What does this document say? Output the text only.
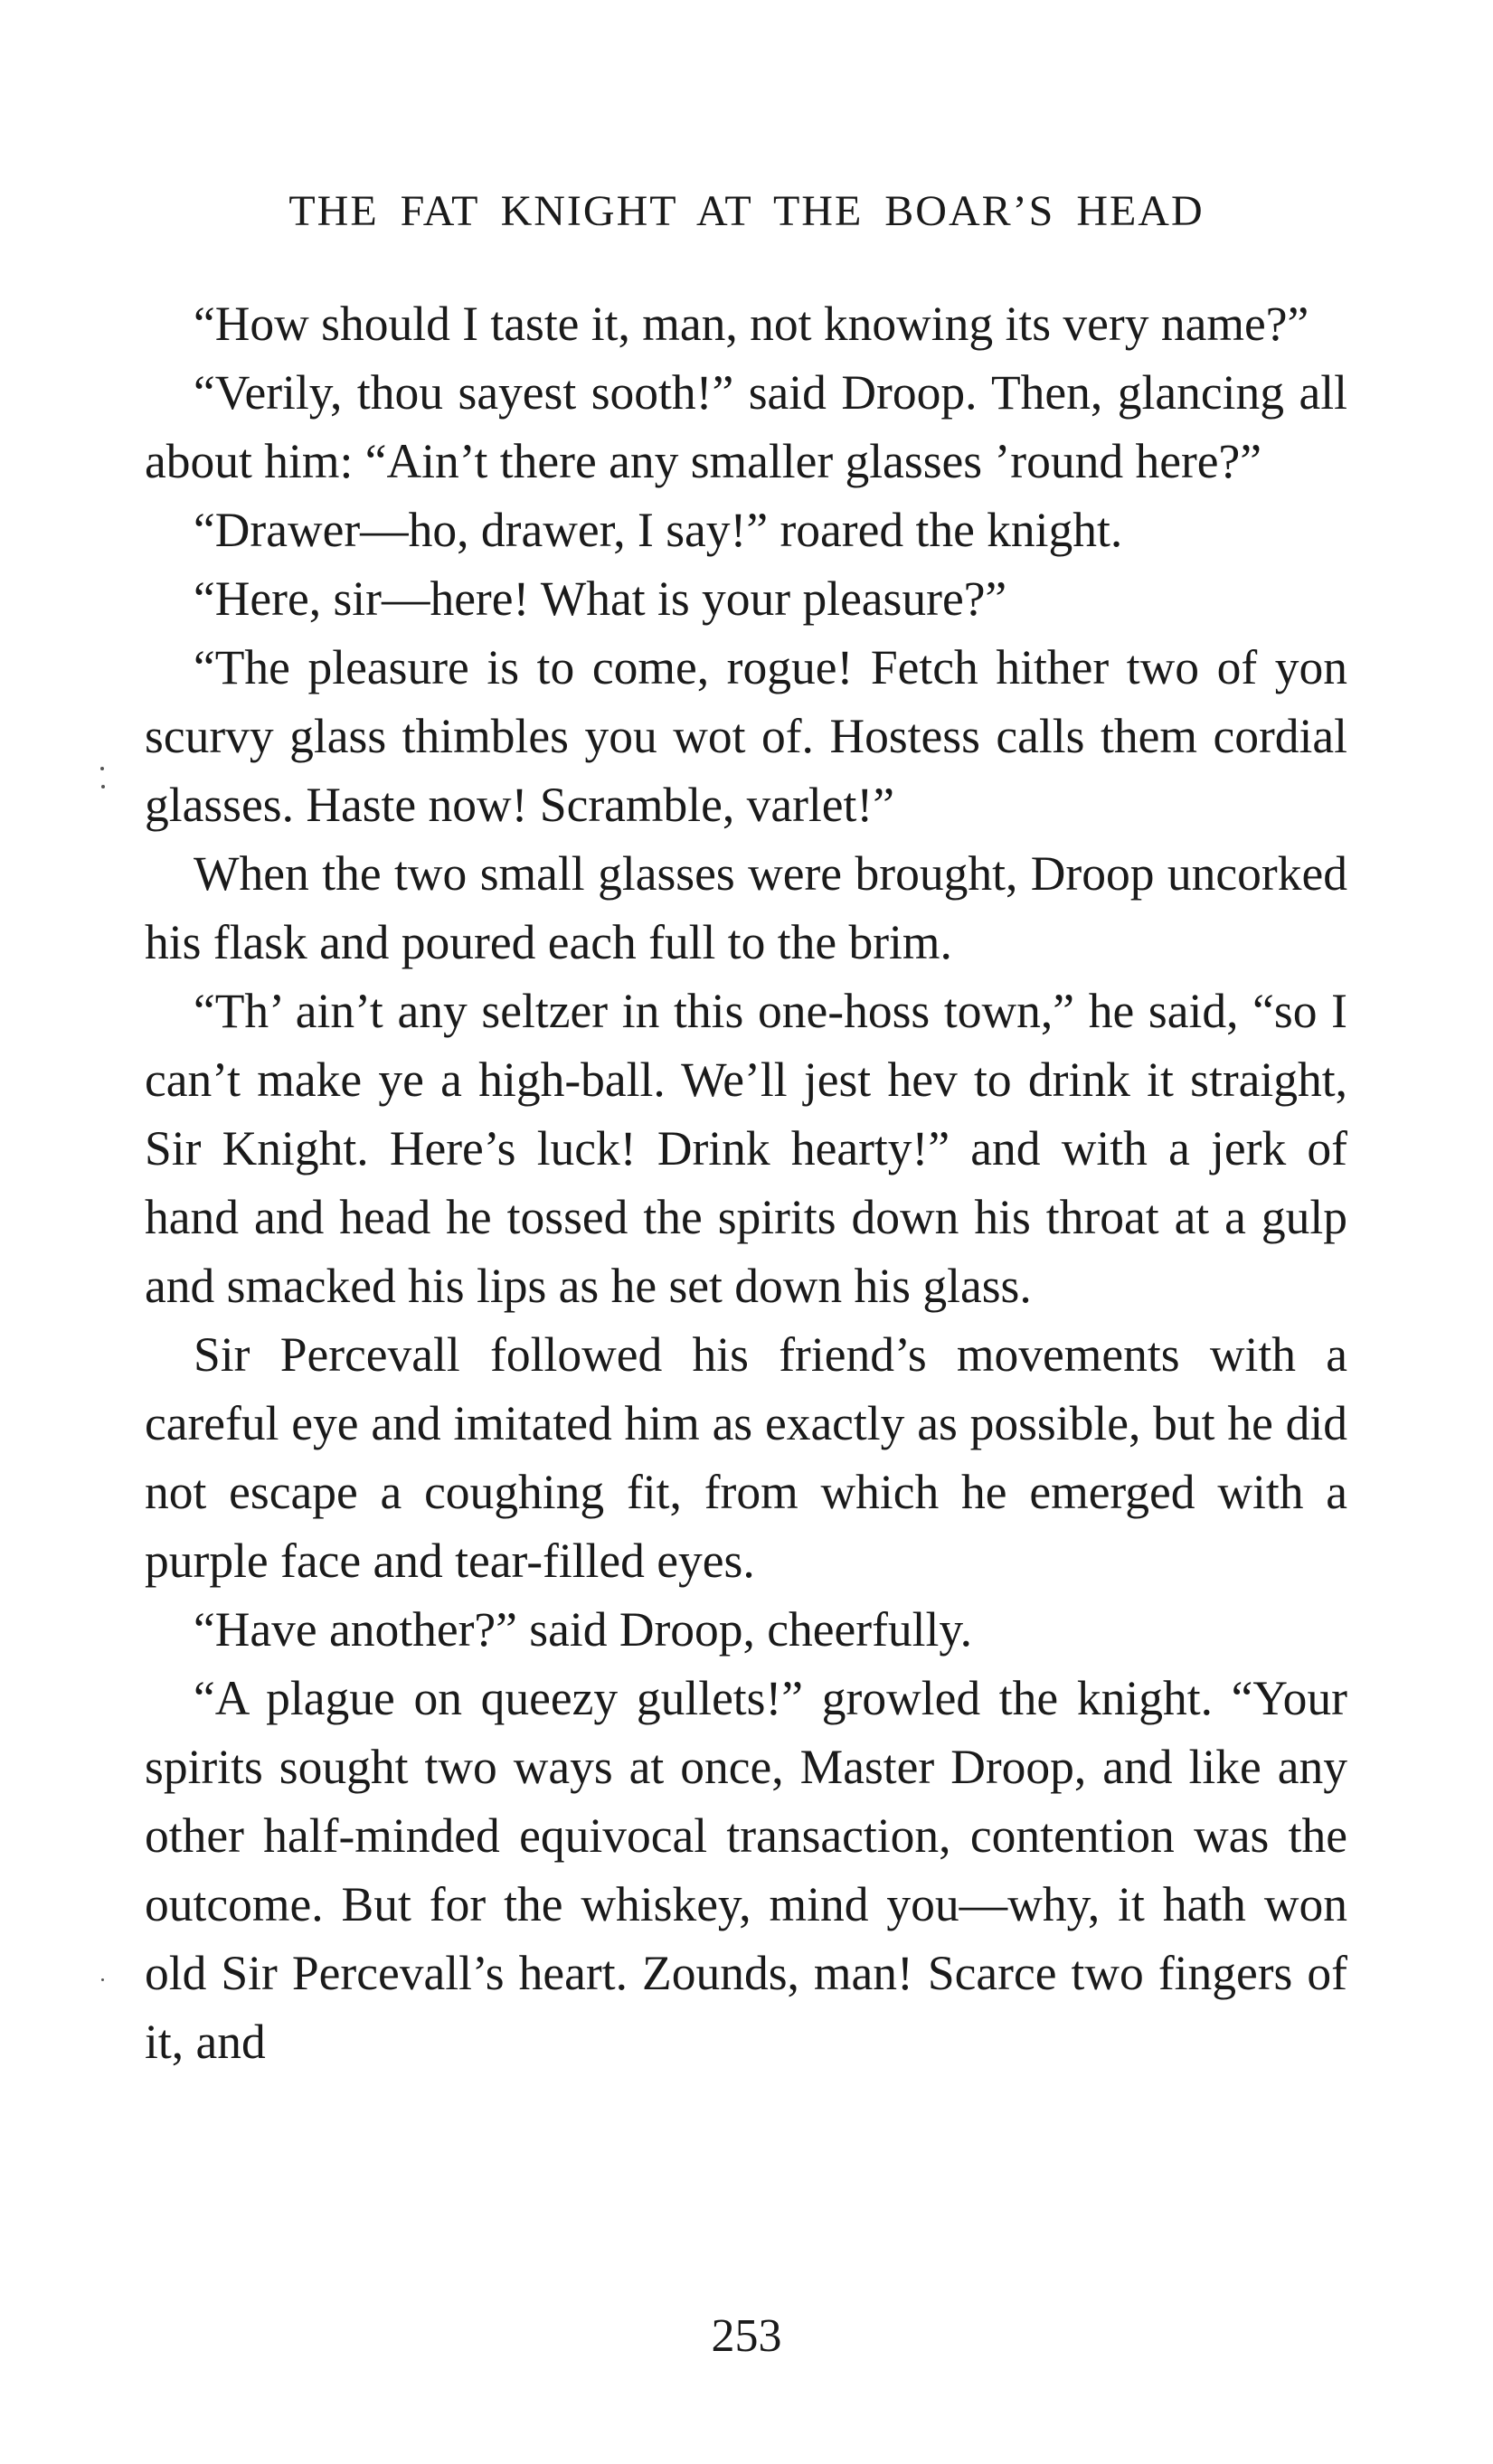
THE FAT KNIGHT AT THE BOAR’S HEAD

“How should I taste it, man, not knowing its very name?”

“Verily, thou sayest sooth!” said Droop. Then, glancing all about him: “Ain’t there any smaller glasses ’round here?”

“Drawer—ho, drawer, I say!” roared the knight.

“Here, sir—here! What is your pleasure?”

“The pleasure is to come, rogue! Fetch hither two of yon scurvy glass thimbles you wot of. Hostess calls them cordial glasses. Haste now! Scramble, varlet!”

When the two small glasses were brought, Droop uncorked his flask and poured each full to the brim.

“Th’ ain’t any seltzer in this one-hoss town,” he said, “so I can’t make ye a high-ball. We’ll jest hev to drink it straight, Sir Knight. Here’s luck! Drink hearty!” and with a jerk of hand and head he tossed the spirits down his throat at a gulp and smacked his lips as he set down his glass.

Sir Percevall followed his friend’s movements with a careful eye and imitated him as exactly as possible, but he did not escape a coughing fit, from which he emerged with a purple face and tear-filled eyes.

“Have another?” said Droop, cheerfully.

“A plague on queezy gullets!” growled the knight. “Your spirits sought two ways at once, Master Droop, and like any other half-minded equivocal transaction, contention was the outcome. But for the whiskey, mind you—why, it hath won old Sir Percevall’s heart. Zounds, man! Scarce two fingers of it, and

253
